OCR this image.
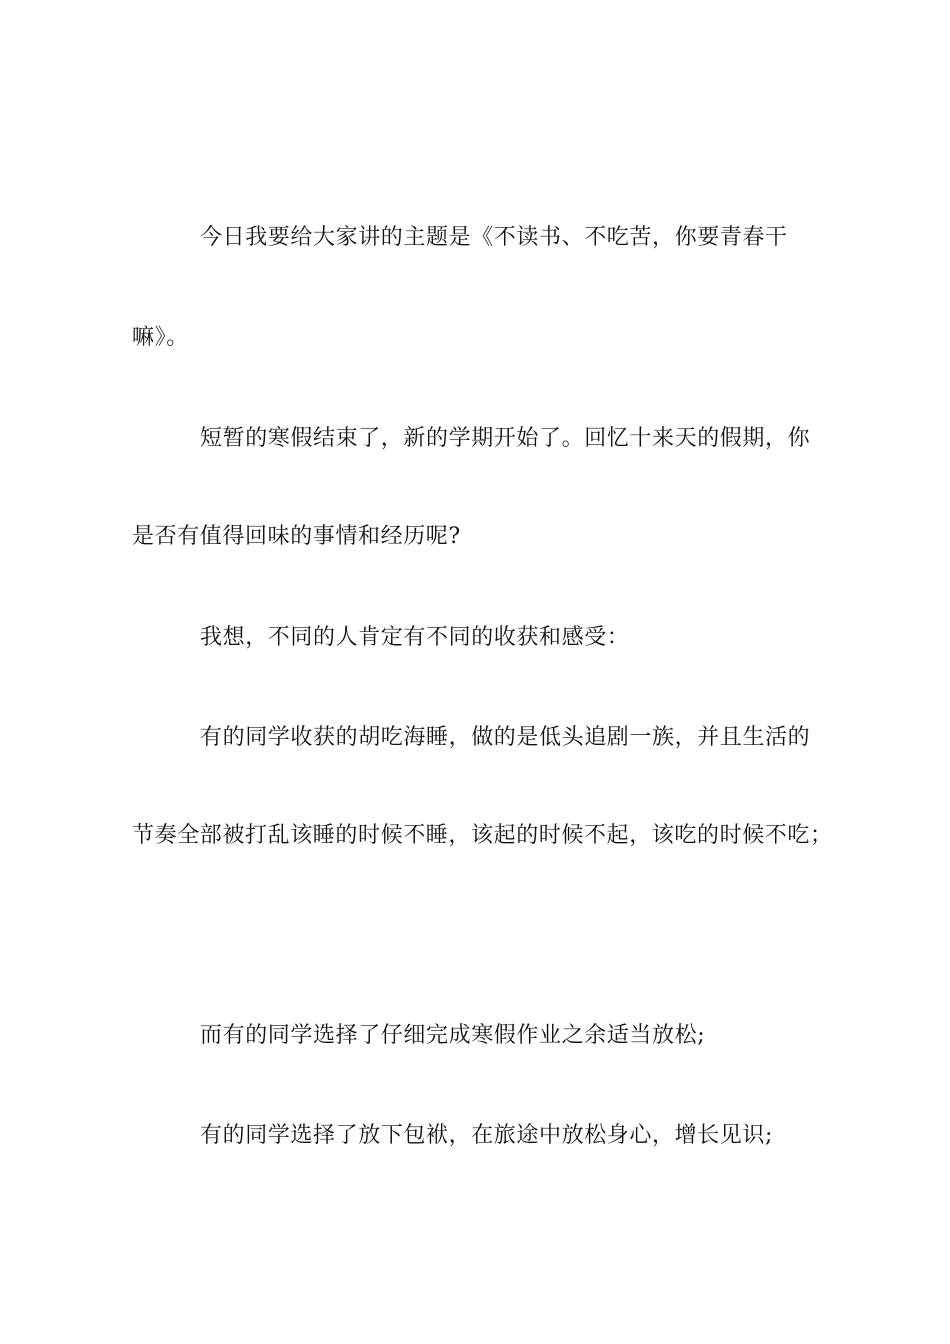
今日我要给大家讲的主题是《不读书、不吃苦，你要青春干
嘛》。
短暂的寒假结束了，新的学期开始了。回忆十来天的假期，你
是否有值得回味的事情和经历呢?
我想，不同的人肯定有不同的收获和感受：
有的同学收获的胡吃海睡，做的是低头追剧一族，并且生活的
节奏全部被打乱该睡的时候不睡，该起的时候不起，该吃的时候不吃；
而有的同学选择了仔细完成寒假作业之余适当放松;
有的同学选择了放下包袱，在旅途中放松身心，增长见识;
